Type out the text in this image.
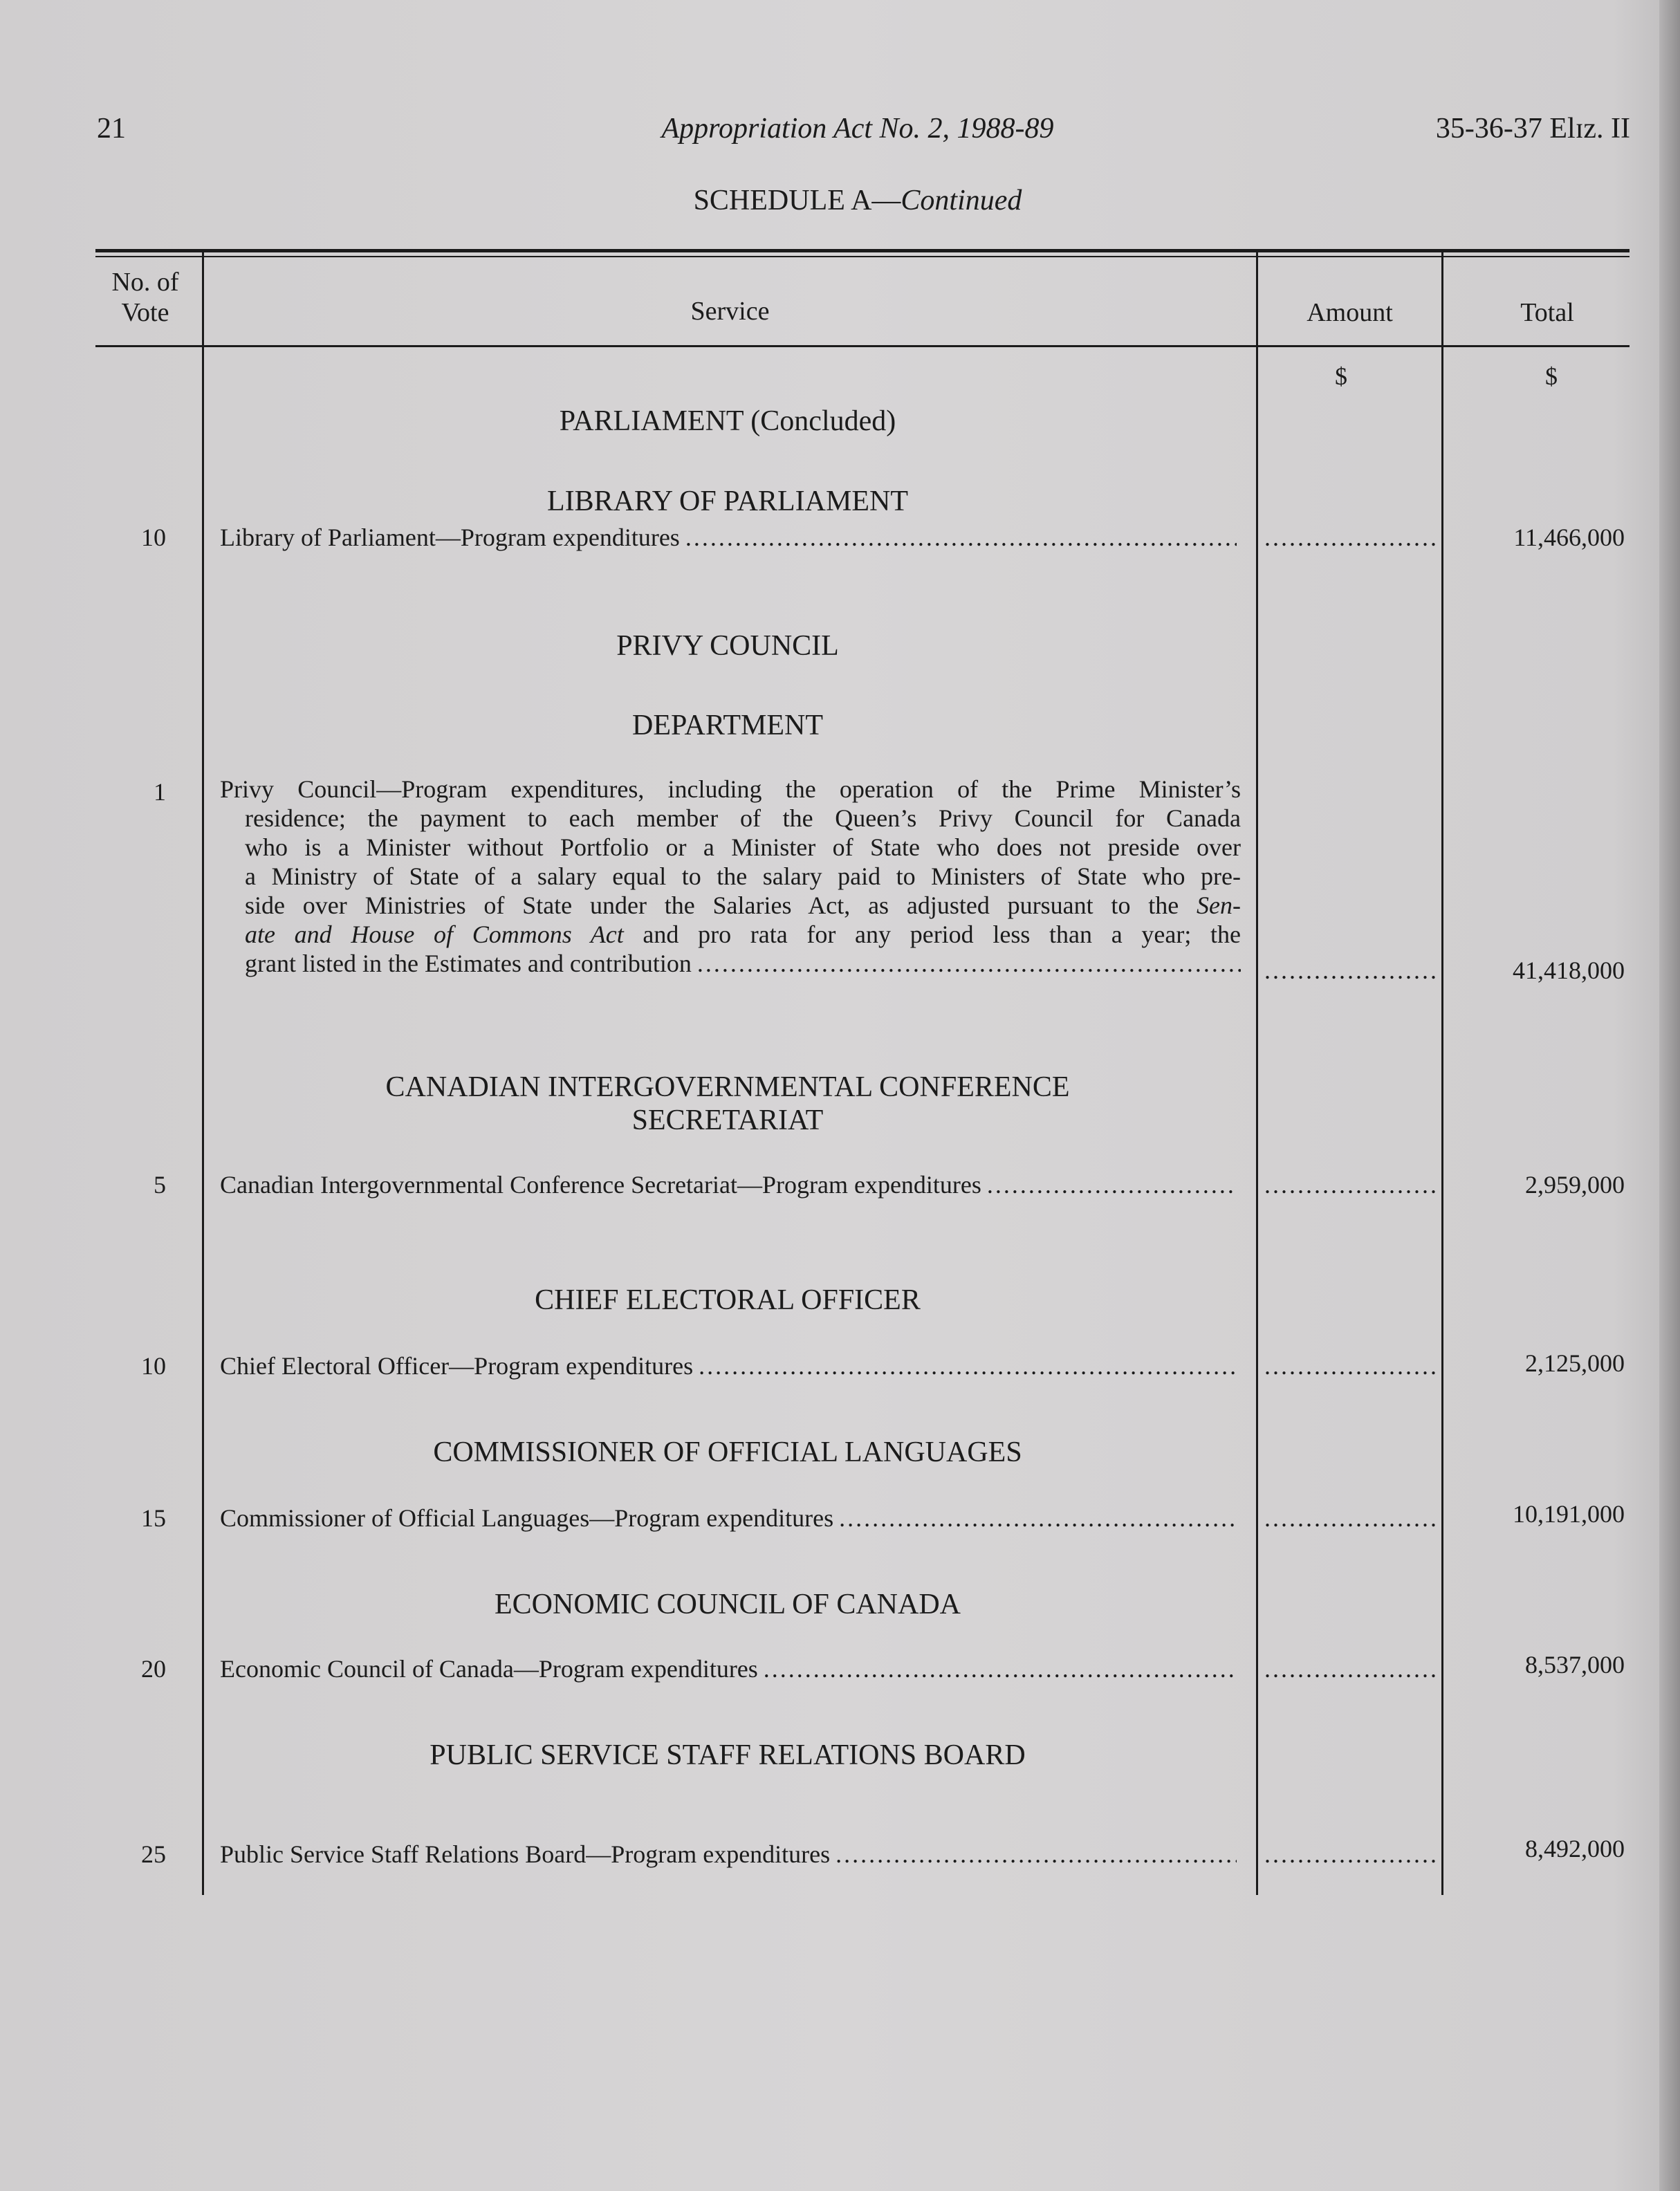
21	Appropriation Act No. 2, 1988-89	35-36-37 Elɪᴢ. II
SCHEDULE A—Continued
No. of
Vote	Service	Amount	Total
$	$
PARLIAMENT (Concluded)
LIBRARY OF PARLIAMENT
10 Library of Parliament—Program expenditures ..... .....	11,466,000
PRIVY COUNCIL
DEPARTMENT
1 Privy Council—Program expenditures, including the operation of the Prime Minister’s
residence; the payment to each member of the Queen’s Privy Council for Canada
who is a Minister without Portfolio or a Minister of State who does not preside over
a Ministry of State of a salary equal to the salary paid to Ministers of State who pre-
side over Ministries of State under the Salaries Act, as adjusted pursuant to the Sen-
ate and House of Commons Act and pro rata for any period less than a year; the
grant listed in the Estimates and contribution ..... .....	41,418,000
CANADIAN INTERGOVERNMENTAL CONFERENCE
SECRETARIAT
5 Canadian Intergovernmental Conference Secretariat—Program expenditures ..... .....	2,959,000
CHIEF ELECTORAL OFFICER
10 Chief Electoral Officer—Program expenditures ..... .....	2,125,000
COMMISSIONER OF OFFICIAL LANGUAGES
15 Commissioner of Official Languages—Program expenditures ..... .....	10,191,000
ECONOMIC COUNCIL OF CANADA
20 Economic Council of Canada—Program expenditures ..... .....	8,537,000
PUBLIC SERVICE STAFF RELATIONS BOARD
25 Public Service Staff Relations Board—Program expenditures ..... .....	8,492,000
